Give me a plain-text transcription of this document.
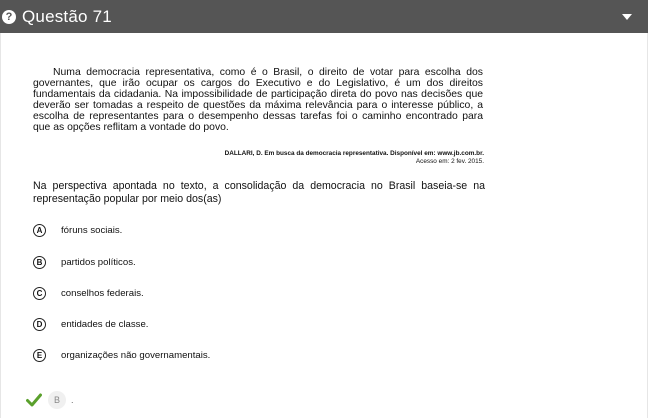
? Questão 71

Numa democracia representativa, como é o Brasil, o direito de votar para escolha dos governantes, que irão ocupar os cargos do Executivo e do Legislativo, é um dos direitos fundamentais da cidadania. Na impossibilidade de participação direta do povo nas decisões que deverão ser tomadas a respeito de questões da máxima relevância para o interesse público, a escolha de representantes para o desempenho dessas tarefas foi o caminho encontrado para que as opções reflitam a vontade do povo.

DALLARI, D. Em busca da democracia representativa. Disponível em: www.jb.com.br.
Acesso em: 2 fev. 2015.

Na perspectiva apontada no texto, a consolidação da democracia no Brasil baseia-se na representação popular por meio dos(as)

A	fóruns sociais.
B	partidos políticos.
C	conselhos federais.
D	entidades de classe.
E	organizações não governamentais.
B	.
